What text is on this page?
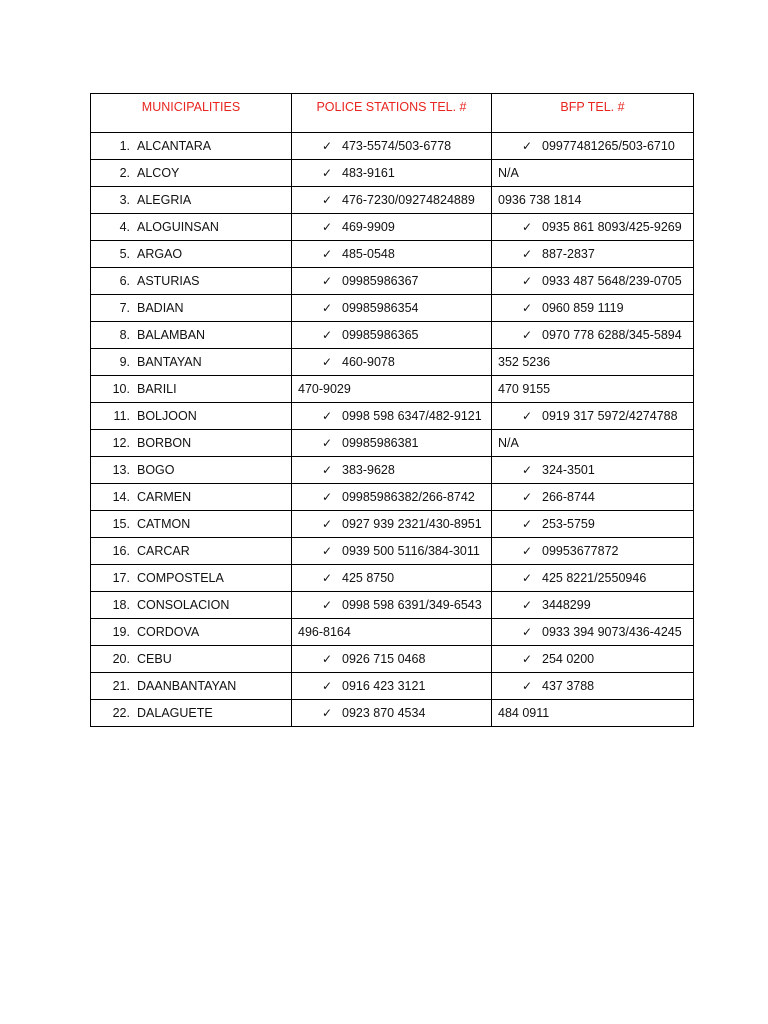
MUNICIPALITIES	POLICE STATIONS TEL. #	BFP TEL. #

1. ALCANTARA	✓ 473-5574/503-6778	✓ 09977481265/503-6710

2. ALCOY	✓ 483-9161	N/A

3. ALEGRIA	✓ 476-7230/09274824889	0936 738 1814

4. ALOGUINSAN	✓ 469-9909	✓ 0935 861 8093/425-9269

5. ARGAO	✓ 485-0548	✓ 887-2837

6. ASTURIAS	✓ 09985986367	✓ 0933 487 5648/239-0705

7. BADIAN	✓ 09985986354	✓ 0960 859 1119

8. BALAMBAN	✓ 09985986365	✓ 0970 778 6288/345-5894

9. BANTAYAN	✓ 460-9078	352 5236

10. BARILI	470-9029	470 9155

11. BOLJOON	✓ 0998 598 6347/482-9121	✓ 0919 317 5972/4274788

12. BORBON	✓ 09985986381	N/A

13. BOGO	✓ 383-9628	✓ 324-3501

14. CARMEN	✓ 09985986382/266-8742	✓ 266-8744

15. CATMON	✓ 0927 939 2321/430-8951	✓ 253-5759

16. CARCAR	✓ 0939 500 5116/384-3011	✓ 09953677872

17. COMPOSTELA	✓ 425 8750	✓ 425 8221/2550946

18. CONSOLACION	✓ 0998 598 6391/349-6543	✓ 3448299

19. CORDOVA	496-8164	✓ 0933 394 9073/436-4245

20. CEBU	✓ 0926 715 0468	✓ 254 0200

21. DAANBANTAYAN	✓ 0916 423 3121	✓ 437 3788

22. DALAGUETE	✓ 0923 870 4534	484 0911
